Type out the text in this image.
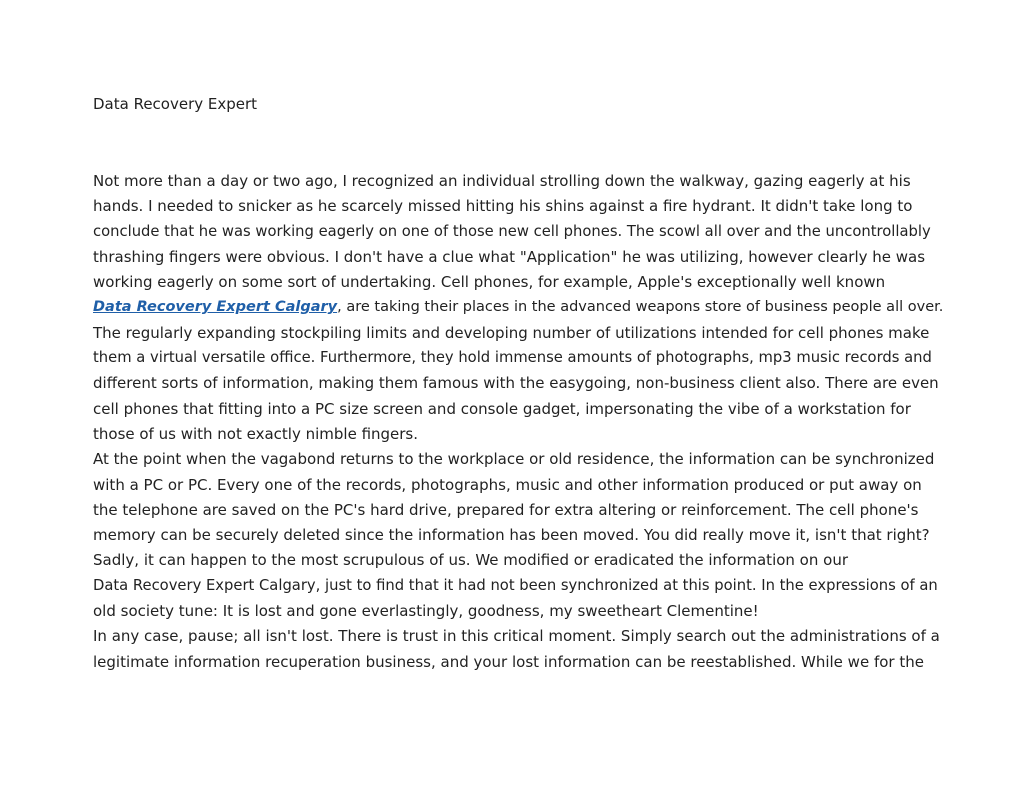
Data Recovery Expert
Not more than a day or two ago, I recognized an individual strolling down the walkway, gazing eagerly at his
hands. I needed to snicker as he scarcely missed hitting his shins against a fire hydrant. It didn't take long to
conclude that he was working eagerly on one of those new cell phones. The scowl all over and the uncontrollably
thrashing fingers were obvious. I don't have a clue what "Application" he was utilizing, however clearly he was
working eagerly on some sort of undertaking. Cell phones, for example, Apple's exceptionally well known
Data Recovery Expert Calgary, are taking their places in the advanced weapons store of business people all over.
The regularly expanding stockpiling limits and developing number of utilizations intended for cell phones make
them a virtual versatile office. Furthermore, they hold immense amounts of photographs, mp3 music records and
different sorts of information, making them famous with the easygoing, non-business client also. There are even
cell phones that fitting into a PC size screen and console gadget, impersonating the vibe of a workstation for
those of us with not exactly nimble fingers.
At the point when the vagabond returns to the workplace or old residence, the information can be synchronized
with a PC or PC. Every one of the records, photographs, music and other information produced or put away on
the telephone are saved on the PC's hard drive, prepared for extra altering or reinforcement. The cell phone's
memory can be securely deleted since the information has been moved. You did really move it, isn't that right?
Sadly, it can happen to the most scrupulous of us. We modified or eradicated the information on our
Data Recovery Expert Calgary, just to find that it had not been synchronized at this point. In the expressions of an
old society tune: It is lost and gone everlastingly, goodness, my sweetheart Clementine!
In any case, pause; all isn't lost. There is trust in this critical moment. Simply search out the administrations of a
legitimate information recuperation business, and your lost information can be reestablished. While we for the
